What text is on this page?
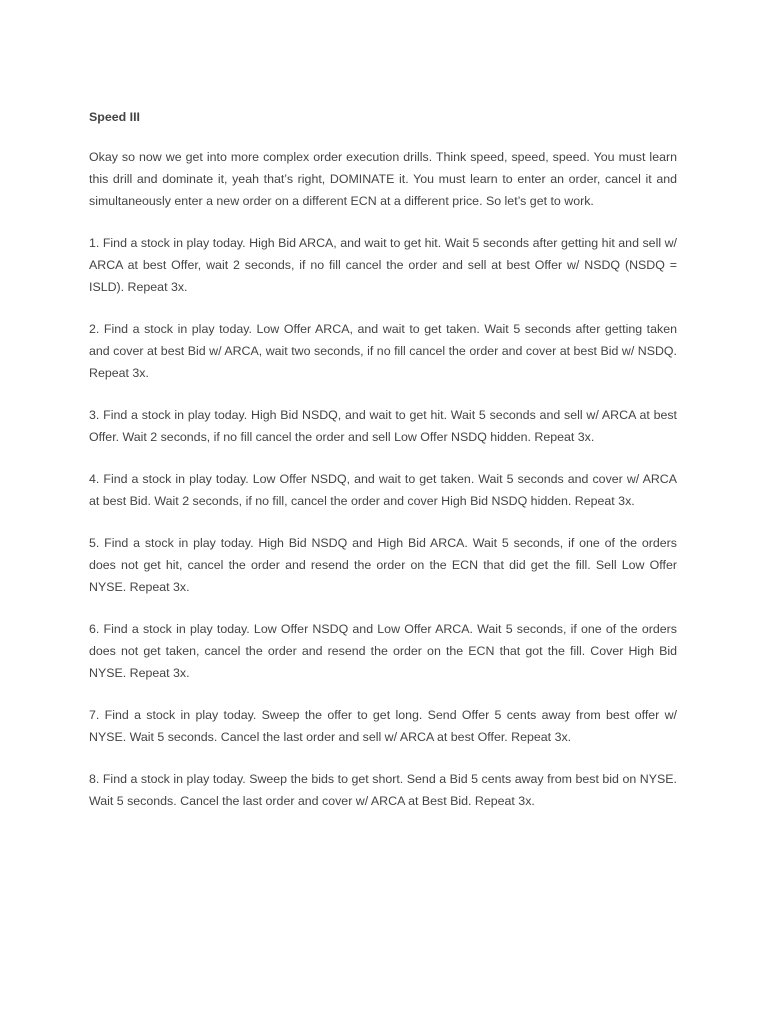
Speed III

Okay so now we get into more complex order execution drills. Think speed, speed, speed. You must learn this drill and dominate it, yeah that’s right, DOMINATE it. You must learn to enter an order, cancel it and simultaneously enter a new order on a different ECN at a different price. So let’s get to work.

1. Find a stock in play today. High Bid ARCA, and wait to get hit. Wait 5 seconds after getting hit and sell w/ ARCA at best Offer, wait 2 seconds, if no fill cancel the order and sell at best Offer w/ NSDQ (NSDQ = ISLD). Repeat 3x.

2. Find a stock in play today. Low Offer ARCA, and wait to get taken. Wait 5 seconds after getting taken and cover at best Bid w/ ARCA, wait two seconds, if no fill cancel the order and cover at best Bid w/ NSDQ. Repeat 3x.

3. Find a stock in play today. High Bid NSDQ, and wait to get hit. Wait 5 seconds and sell w/ ARCA at best Offer. Wait 2 seconds, if no fill cancel the order and sell Low Offer NSDQ hidden. Repeat 3x.

4. Find a stock in play today. Low Offer NSDQ, and wait to get taken. Wait 5 seconds and cover w/ ARCA at best Bid. Wait 2 seconds, if no fill, cancel the order and cover High Bid NSDQ hidden. Repeat 3x.

5. Find a stock in play today. High Bid NSDQ and High Bid ARCA. Wait 5 seconds, if one of the orders does not get hit, cancel the order and resend the order on the ECN that did get the fill. Sell Low Offer NYSE. Repeat 3x.

6. Find a stock in play today. Low Offer NSDQ and Low Offer ARCA. Wait 5 seconds, if one of the orders does not get taken, cancel the order and resend the order on the ECN that got the fill. Cover High Bid NYSE. Repeat 3x.

7. Find a stock in play today. Sweep the offer to get long. Send Offer 5 cents away from best offer w/ NYSE. Wait 5 seconds. Cancel the last order and sell w/ ARCA at best Offer. Repeat 3x.

8. Find a stock in play today. Sweep the bids to get short. Send a Bid 5 cents away from best bid on NYSE. Wait 5 seconds. Cancel the last order and cover w/ ARCA at Best Bid. Repeat 3x.
